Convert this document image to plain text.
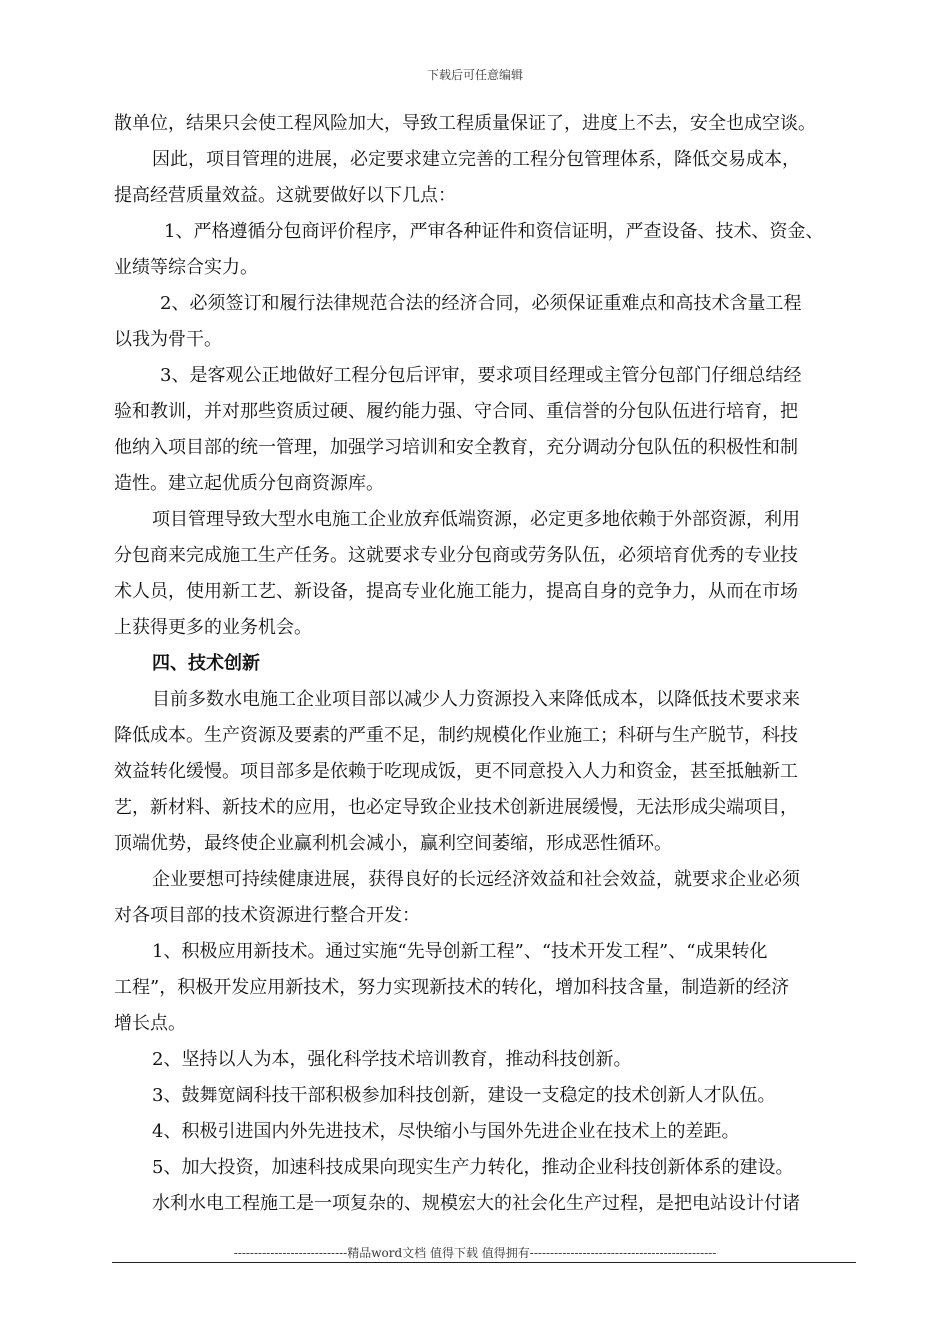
下载后可任意编辑
散单位，结果只会使工程风险加大，导致工程质量保证了，进度上不去，安全也成空谈。
因此，项目管理的进展，必定要求建立完善的工程分包管理体系，降低交易成本，
提高经营质量效益。这就要做好以下几点：
1、严格遵循分包商评价程序，严审各种证件和资信证明，严查设备、技术、资金、
业绩等综合实力。
2、必须签订和履行法律规范合法的经济合同，必须保证重难点和高技术含量工程
以我为骨干。
3、是客观公正地做好工程分包后评审，要求项目经理或主管分包部门仔细总结经
验和教训，并对那些资质过硬、履约能力强、守合同、重信誉的分包队伍进行培育，把
他纳入项目部的统一管理，加强学习培训和安全教育，充分调动分包队伍的积极性和制
造性。建立起优质分包商资源库。
项目管理导致大型水电施工企业放弃低端资源，必定更多地依赖于外部资源，利用
分包商来完成施工生产任务。这就要求专业分包商或劳务队伍，必须培育优秀的专业技
术人员，使用新工艺、新设备，提高专业化施工能力，提高自身的竞争力，从而在市场
上获得更多的业务机会。
四、技术创新
目前多数水电施工企业项目部以减少人力资源投入来降低成本，以降低技术要求来
降低成本。生产资源及要素的严重不足，制约规模化作业施工；科研与生产脱节，科技
效益转化缓慢。项目部多是依赖于吃现成饭，更不同意投入人力和资金，甚至抵触新工
艺，新材料、新技术的应用，也必定导致企业技术创新进展缓慢，无法形成尖端项目，
顶端优势，最终使企业赢利机会减小，赢利空间萎缩，形成恶性循环。
企业要想可持续健康进展，获得良好的长远经济效益和社会效益，就要求企业必须
对各项目部的技术资源进行整合开发：
1、积极应用新技术。通过实施“先导创新工程”、“技术开发工程”、“成果转化
工程”，积极开发应用新技术，努力实现新技术的转化，增加科技含量，制造新的经济
增长点。
2、坚持以人为本，强化科学技术培训教育，推动科技创新。
3、鼓舞宽阔科技干部积极参加科技创新，建设一支稳定的技术创新人才队伍。
4、积极引进国内外先进技术，尽快缩小与国外先进企业在技术上的差距。
5、加大投资，加速科技成果向现实生产力转化，推动企业科技创新体系的建设。
水利水电工程施工是一项复杂的、规模宏大的社会化生产过程，是把电站设计付诸
----------------------------精品word文档 值得下载 值得拥有----------------------------------------------
